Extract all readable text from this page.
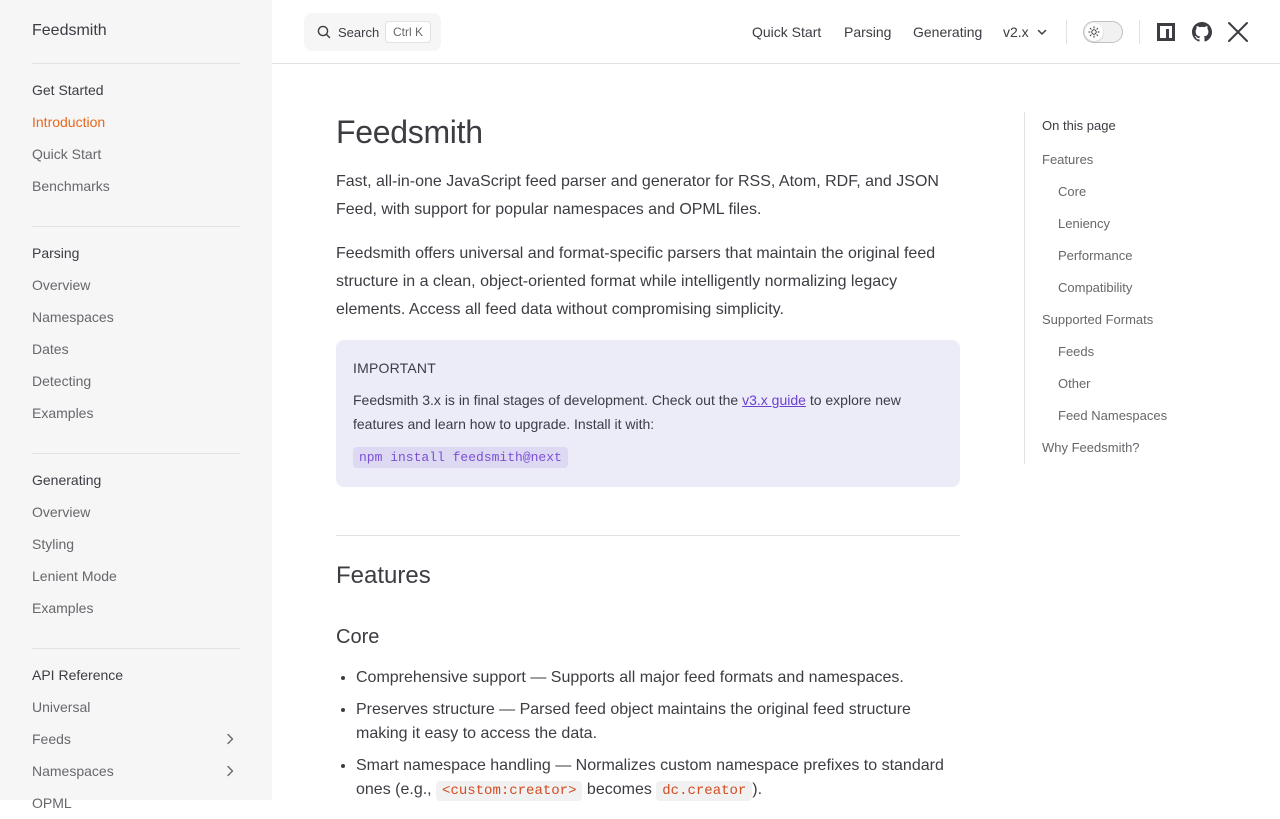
Feedsmith
Get Started
Introduction
Quick Start
Benchmarks
Parsing
Overview
Namespaces
Dates
Detecting
Examples
Generating
Overview
Styling
Lenient Mode
Examples
API Reference
Universal
Feeds
Namespaces
OPML
Search	Ctrl K	Quick Start Parsing Generating v2.x
Feedsmith

Fast, all-in-one JavaScript feed parser and generator for RSS, Atom, RDF, and JSON Feed, with support for popular namespaces and OPML files.

Feedsmith offers universal and format-specific parsers that maintain the original feed structure in a clean, object-oriented format while intelligently normalizing legacy elements. Access all feed data without compromising simplicity.

IMPORTANT
Feedsmith 3.x is in final stages of development. Check out the v3.x guide to explore new features and learn how to upgrade. Install it with:
npm install feedsmith@next
Features
Core
• Comprehensive support — Supports all major feed formats and namespaces.
• Preserves structure — Parsed feed object maintains the original feed structure making it easy to access the data.
• Smart namespace handling — Normalizes custom namespace prefixes to standard ones (e.g., <custom:creator> becomes dc.creator ).
On this page
Features
Core
Leniency
Performance
Compatibility
Supported Formats
Feeds
Other
Feed Namespaces
Why Feedsmith?
